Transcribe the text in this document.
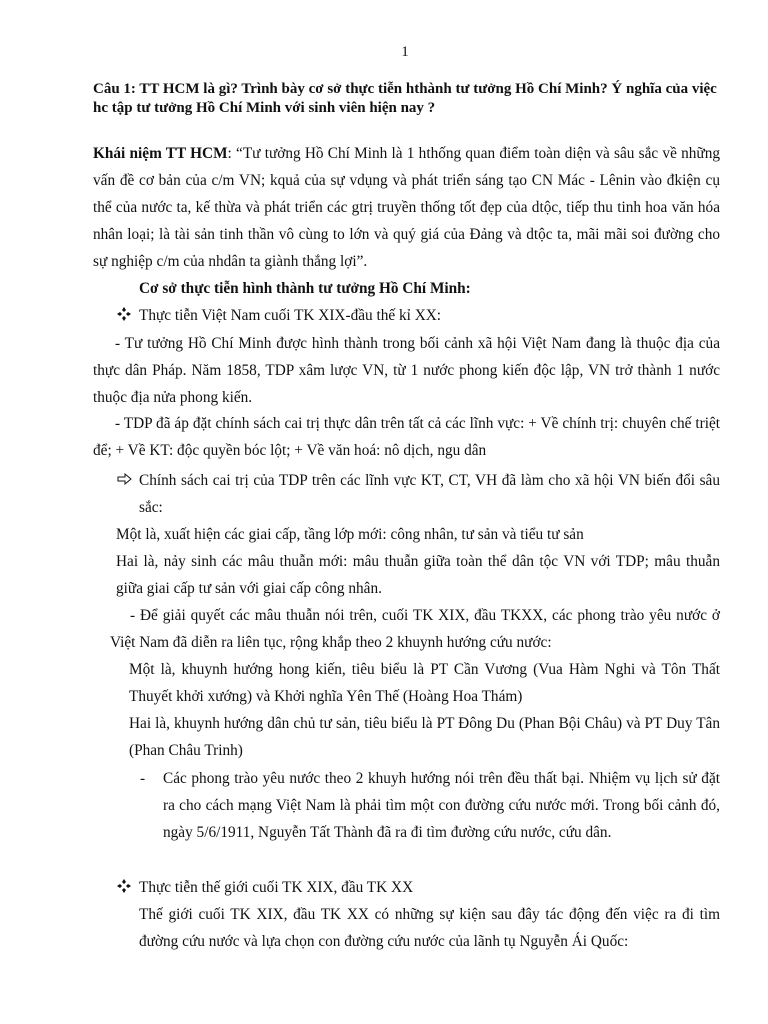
1
Câu 1: TT HCM là gì? Trình bày cơ sở thực tiễn hthành tư tưởng Hồ Chí Minh? Ý nghĩa của việc hc tập tư tưởng Hồ Chí Minh với sinh viên hiện nay ?
Khái niệm TT HCM: “Tư tưởng Hồ Chí Minh là 1 hthống quan điểm toàn diện và sâu sắc về những vấn đề cơ bản của c/m VN; kquả của sự vdụng và phát triển sáng tạo CN Mác - Lênin vào đkiện cụ thể của nước ta, kế thừa và phát triển các gtrị truyền thống tốt đẹp của dtộc, tiếp thu tinh hoa văn hóa nhân loại; là tài sản tinh thần vô cùng to lớn và quý giá của Đảng và dtộc ta, mãi mãi soi đường cho sự nghiệp c/m của nhdân ta giành thắng lợi”.
Cơ sở thực tiễn hình thành tư tưởng Hồ Chí Minh:
Thực tiễn Việt Nam cuối TK XIX-đầu thế kỉ XX:
- Tư tưởng Hồ Chí Minh được hình thành trong bối cảnh xã hội Việt Nam đang là thuộc địa của thực dân Pháp. Năm 1858, TDP xâm lược VN, từ 1 nước phong kiến độc lập, VN trở thành 1 nước thuộc địa nửa phong kiến.
- TDP đã áp đặt chính sách cai trị thực dân trên tất cả các lĩnh vực: + Về chính trị: chuyên chế triệt để; + Về KT: độc quyền bóc lột; + Về văn hoá: nô dịch, ngu dân
Chính sách cai trị của TDP trên các lĩnh vực KT, CT, VH đã làm cho xã hội VN biến đổi sâu sắc:
Một là, xuất hiện các giai cấp, tầng lớp mới: công nhân, tư sản và tiểu tư sản
Hai là, nảy sinh các mâu thuẫn mới: mâu thuẫn giữa toàn thể dân tộc VN với TDP; mâu thuẫn giữa giai cấp tư sản với giai cấp công nhân.
- Để giải quyết các mâu thuẫn nói trên, cuối TK XIX, đầu TKXX, các phong trào yêu nước ở Việt Nam đã diễn ra liên tục, rộng khắp theo 2 khuynh hướng cứu nước:
Một là, khuynh hướng hong kiến, tiêu biểu là PT Cần Vương (Vua Hàm Nghi và Tôn Thất Thuyết khởi xướng) và Khởi nghĩa Yên Thế (Hoàng Hoa Thám)
Hai là, khuynh hướng dân chủ tư sản, tiêu biểu là PT Đông Du (Phan Bội Châu) và PT Duy Tân (Phan Châu Trinh)
- Các phong trào yêu nước theo 2 khuyh hướng nói trên đều thất bại. Nhiệm vụ lịch sử đặt ra cho cách mạng Việt Nam là phải tìm một con đường cứu nước mới. Trong bối cảnh đó, ngày 5/6/1911, Nguyễn Tất Thành đã ra đi tìm đường cứu nước, cứu dân.
Thực tiễn thế giới cuối TK XIX, đầu TK XX
Thế giới cuối TK XIX, đầu TK XX có những sự kiện sau đây tác động đến việc ra đi tìm đường cứu nước và lựa chọn con đường cứu nước của lãnh tụ Nguyễn Ái Quốc:
